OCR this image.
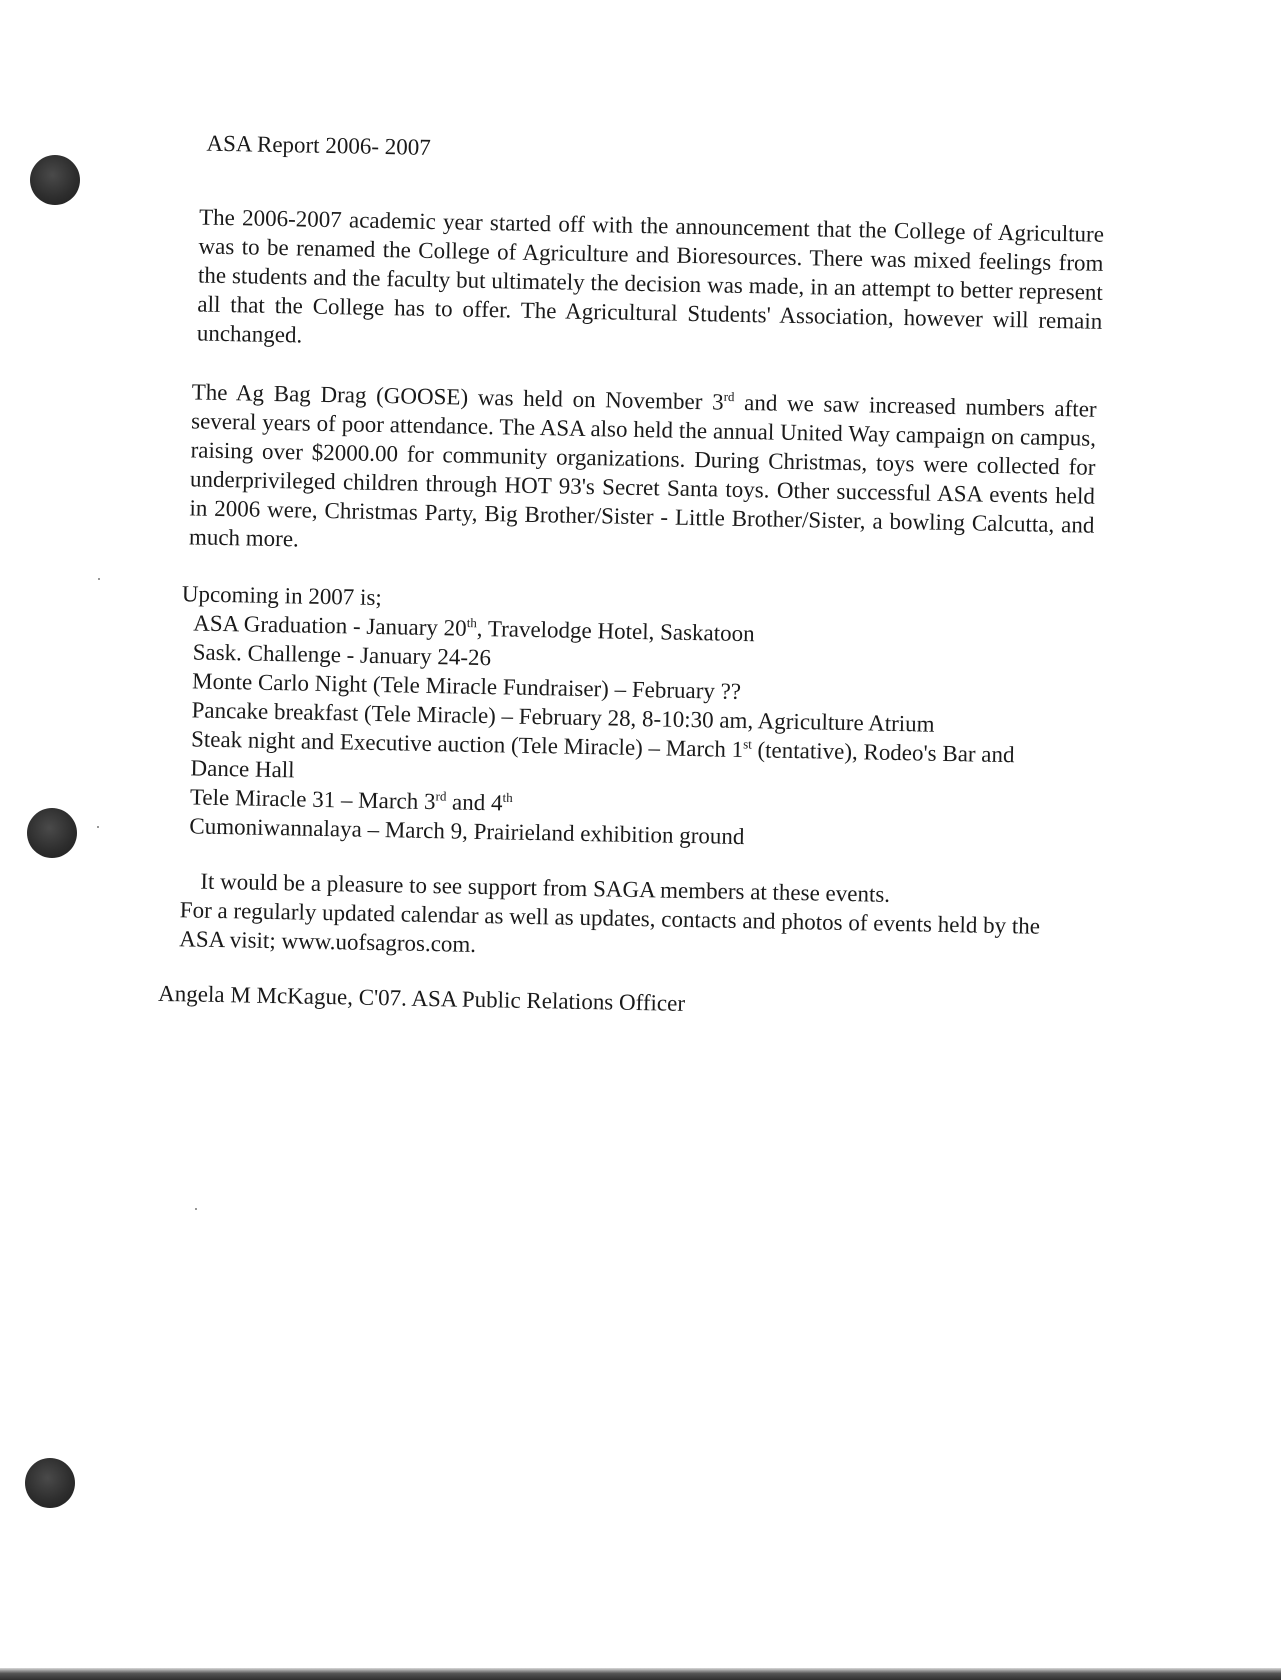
ASA Report 2006- 2007

The 2006-2007 academic year started off with the announcement that the College of Agriculture was to be renamed the College of Agriculture and Bioresources. There was mixed feelings from the students and the faculty but ultimately the decision was made, in an attempt to better represent all that the College has to offer. The Agricultural Students' Association, however will remain unchanged.

The Ag Bag Drag (GOOSE) was held on November 3rd and we saw increased numbers after several years of poor attendance. The ASA also held the annual United Way campaign on campus, raising over $2000.00 for community organizations. During Christmas, toys were collected for underprivileged children through HOT 93's Secret Santa toys. Other successful ASA events held in 2006 were, Christmas Party, Big Brother/Sister - Little Brother/Sister, a bowling Calcutta, and much more.

Upcoming in 2007 is;
ASA Graduation - January 20th, Travelodge Hotel, Saskatoon
Sask. Challenge - January 24-26
Monte Carlo Night (Tele Miracle Fundraiser) – February ??
Pancake breakfast (Tele Miracle) – February 28, 8-10:30 am, Agriculture Atrium
Steak night and Executive auction (Tele Miracle) – March 1st (tentative), Rodeo's Bar and Dance Hall
Tele Miracle 31 – March 3rd and 4th
Cumoniwannalaya – March 9, Prairieland exhibition ground
It would be a pleasure to see support from SAGA members at these events.
For a regularly updated calendar as well as updates, contacts and photos of events held by the ASA visit; www.uofsagros.com.
Angela M McKague, C'07. ASA Public Relations Officer
